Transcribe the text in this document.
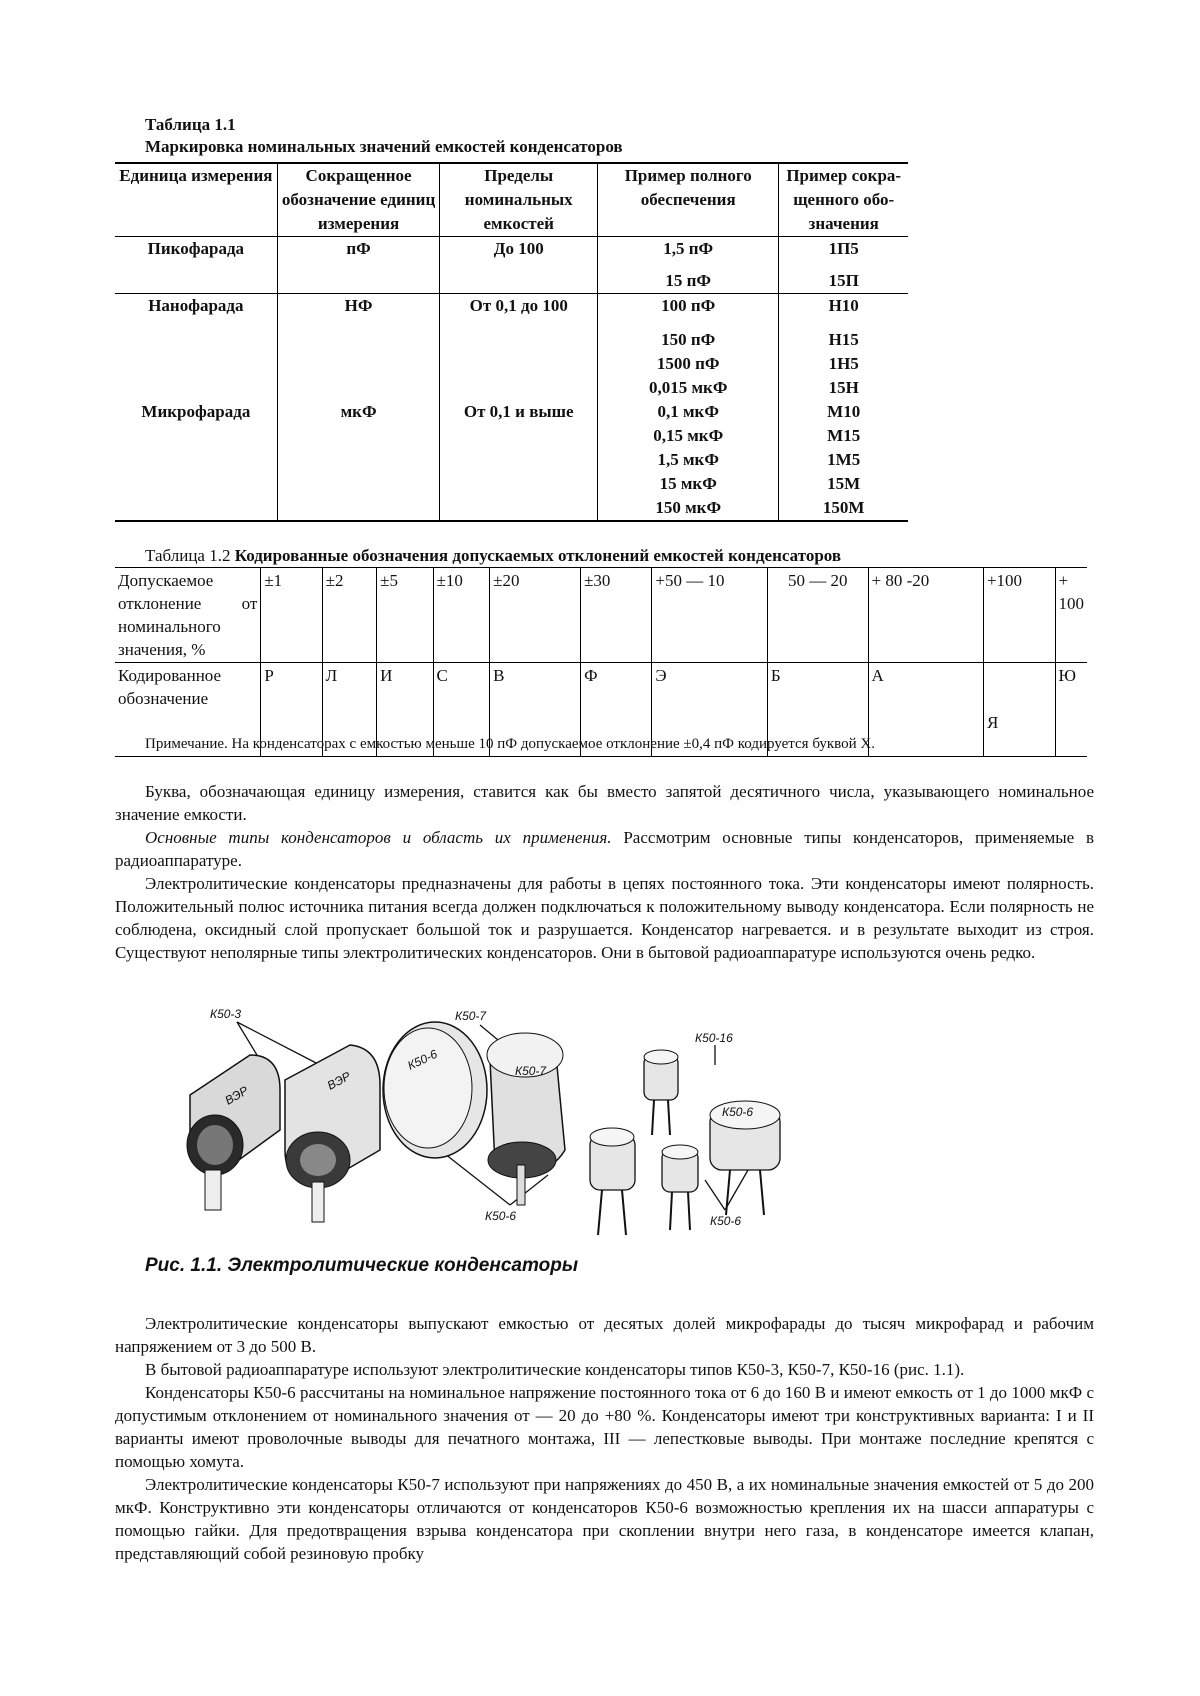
Таблица 1.1
Маркировка номинальных значений емкостей конденсаторов
Единица измерения	Сокращенное обозначение единиц измерения	Пределы номинальных емкостей	Пример полного обеспечения	Пример сокра- щенного обо- значения
Пикофарада	пФ	До 100	1,5 пФ	1П5
			15 пФ	15П
Нанофарада	НФ	От 0,1 до 100	100 пФ	Н10
			150 пФ	Н15
			1500 пФ	1Н5
			0,015 мкФ	15Н
Микрофарада	мкФ	От 0,1 и выше	0,1 мкФ	М10
			0,15 мкФ	М15
			1,5 мкФ	1М5
			15 мкФ	15М
			150 мкФ	150М
Таблица 1.2 Кодированные обозначения допускаемых отклонений емкостей конденсаторов
Допускаемое отклонение от номинального значения, %	±1	±2	±5	±10	±20	±30	+50 — 10	50 — 20	+ 80 -20	+100	+ 100
Кодированное обозначение	Р	Л	И	С	В	Ф	Э	Б	А	Я	Ю
Примечание. На конденсаторах с емкостью меньше 10 пФ допускаемое отклонение ±0,4 пФ кодируется буквой X.

Буква, обозначающая единицу измерения, ставится как бы вместо запятой десятичного числа, указывающего номинальное значение емкости.

Основные типы конденсаторов и область их применения. Рассмотрим основные типы конденсаторов, применяемые в радиоаппаратуре.

Электролитические конденсаторы предназначены для работы в цепях постоянного тока. Эти конденсаторы имеют полярность. Положительный полюс источника питания всегда должен подключаться к положительному выводу конденсатора. Если полярность не соблюдена, оксидный слой пропускает большой ток и разрушается. Конденсатор нагревается. и в результате выходит из строя. Существуют неполярные типы электролитических конденсаторов. Они в бытовой радиоаппаратуре используются очень редко.

ВЭР
ВЭР
К50-6	К50-7
К50-6
К50-3	К50-7
К50-16
К50-6	К50-6
Рис. 1.1. Электролитические конденсаторы

Электролитические конденсаторы выпускают емкостью от десятых долей микрофарады до тысяч микрофарад и рабочим напряжением от 3 до 500 В.

В бытовой радиоаппаратуре используют электролитические конденсаторы типов К50-3, К50-7, К50-16 (рис. 1.1).

Конденсаторы К50-6 рассчитаны на номинальное напряжение постоянного тока от 6 до 160 В и имеют емкость от 1 до 1000 мкФ с допустимым отклонением от номинального значения от — 20 до +80 %. Конденсаторы имеют три конструктивных варианта: I и II варианты имеют проволочные выводы для печатного монтажа, III — лепестковые выводы. При монтаже последние крепятся с помощью хомута.

Электролитические конденсаторы К50-7 используют при напряжениях до 450 В, а их номинальные значения емкостей от 5 до 200 мкФ. Конструктивно эти конденсаторы отличаются от конденсаторов К50-6 возможностью крепления их на шасси аппаратуры с помощью гайки. Для предотвращения взрыва конденсатора при скоплении внутри него газа, в конденсаторе имеется клапан, представляющий собой резиновую пробку
